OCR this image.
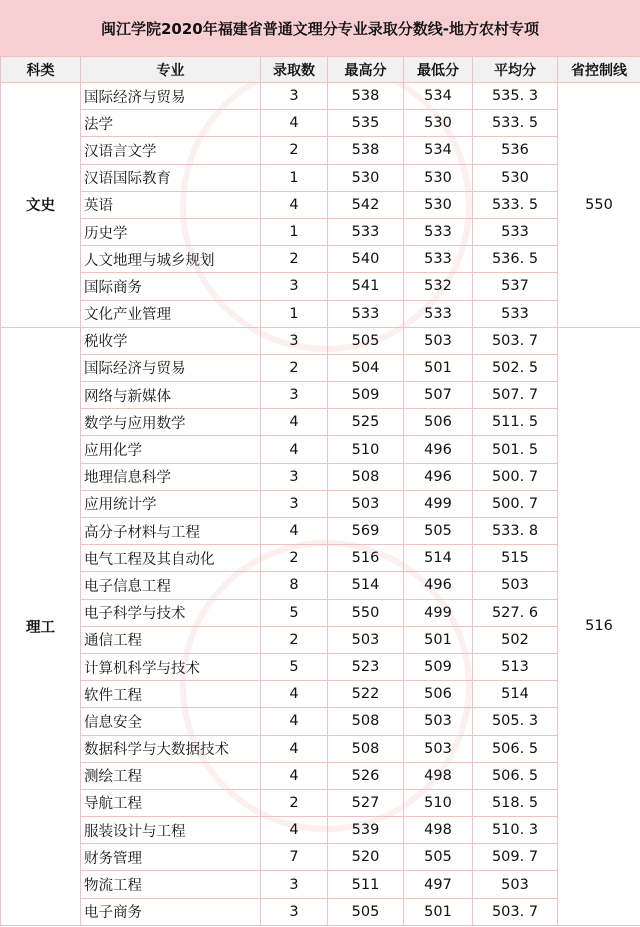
闽江学院2020年福建省普通文理分专业录取分数线-地方农村专项
科类	专业	录取数	最高分	最低分	平均分	省控制线
文史	国际经济与贸易	3	538	534	535. 3	550
	法学	4	535	530	533. 5	
	汉语言文学	2	538	534	536	
	汉语国际教育	1	530	530	530	
	英语	4	542	530	533. 5	
	历史学	1	533	533	533	
	人文地理与城乡规划	2	540	533	536. 5	
	国际商务	3	541	532	537	
	文化产业管理	1	533	533	533	
理工	税收学	3	505	503	503. 7	516
	国际经济与贸易	2	504	501	502. 5	
	网络与新媒体	3	509	507	507. 7	
	数学与应用数学	4	525	506	511. 5	
	应用化学	4	510	496	501. 5	
	地理信息科学	3	508	496	500. 7	
	应用统计学	3	503	499	500. 7	
	高分子材料与工程	4	569	505	533. 8	
	电气工程及其自动化	2	516	514	515	
	电子信息工程	8	514	496	503	
	电子科学与技术	5	550	499	527. 6	
	通信工程	2	503	501	502	
	计算机科学与技术	5	523	509	513	
	软件工程	4	522	506	514	
	信息安全	4	508	503	505. 3	
	数据科学与大数据技术	4	508	503	506. 5	
	测绘工程	4	526	498	506. 5	
	导航工程	2	527	510	518. 5	
	服装设计与工程	4	539	498	510. 3	
	财务管理	7	520	505	509. 7	
	物流工程	3	511	497	503	
	电子商务	3	505	501	503. 7	
